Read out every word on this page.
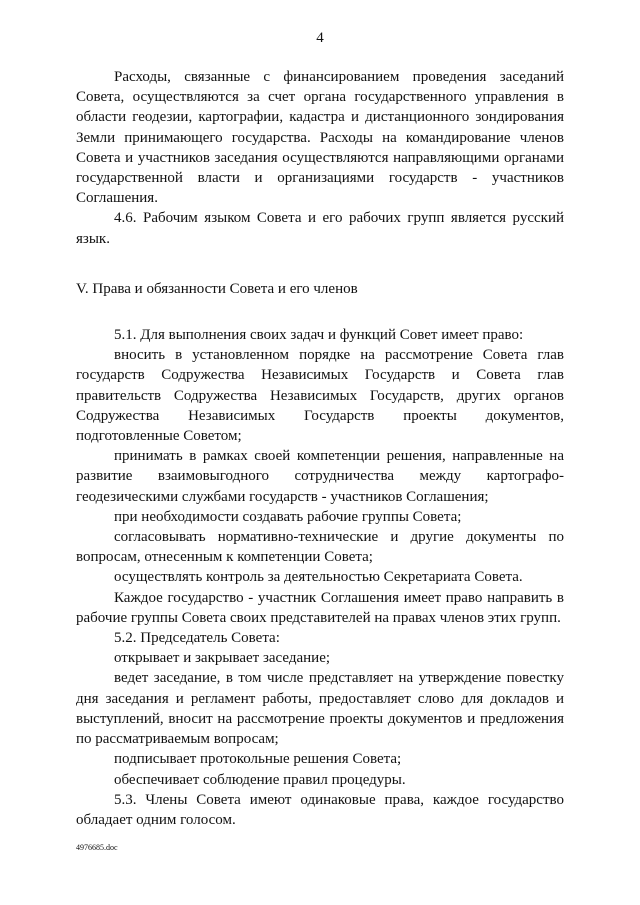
4

Расходы, связанные с финансированием проведения заседаний Совета, осуществляются за счет органа государственного управления в области геодезии, картографии, кадастра и дистанционного зондирования Земли принимающего государства. Расходы на командирование членов Совета и участников заседания осуществляются направляющими органами государственной власти и организациями государств - участников Соглашения.

4.6. Рабочим языком Совета и его рабочих групп является русский язык.

V. Права и обязанности Совета и его членов

5.1. Для выполнения своих задач и функций Совет имеет право:

вносить в установленном порядке на рассмотрение Совета глав государств Содружества Независимых Государств и Совета глав правительств Содружества Независимых Государств, других органов Содружества Независимых Государств проекты документов, подготовленные Советом;

принимать в рамках своей компетенции решения, направленные на развитие взаимовыгодного сотрудничества между картографо-геодезическими службами государств - участников Соглашения;

при необходимости создавать рабочие группы Совета;

согласовывать нормативно-технические и другие документы по вопросам, отнесенным к компетенции Совета;

осуществлять контроль за деятельностью Секретариата Совета.

Каждое государство - участник Соглашения имеет право направить в рабочие группы Совета своих представителей на правах членов этих групп.

5.2. Председатель Совета:

открывает и закрывает заседание;

ведет заседание, в том числе представляет на утверждение повестку дня заседания и регламент работы, предоставляет слово для докладов и выступлений, вносит на рассмотрение проекты документов и предложения по рассматриваемым вопросам;

подписывает протокольные решения Совета;

обеспечивает соблюдение правил процедуры.

5.3. Члены Совета имеют одинаковые права, каждое государство обладает одним голосом.

4976685.doc
